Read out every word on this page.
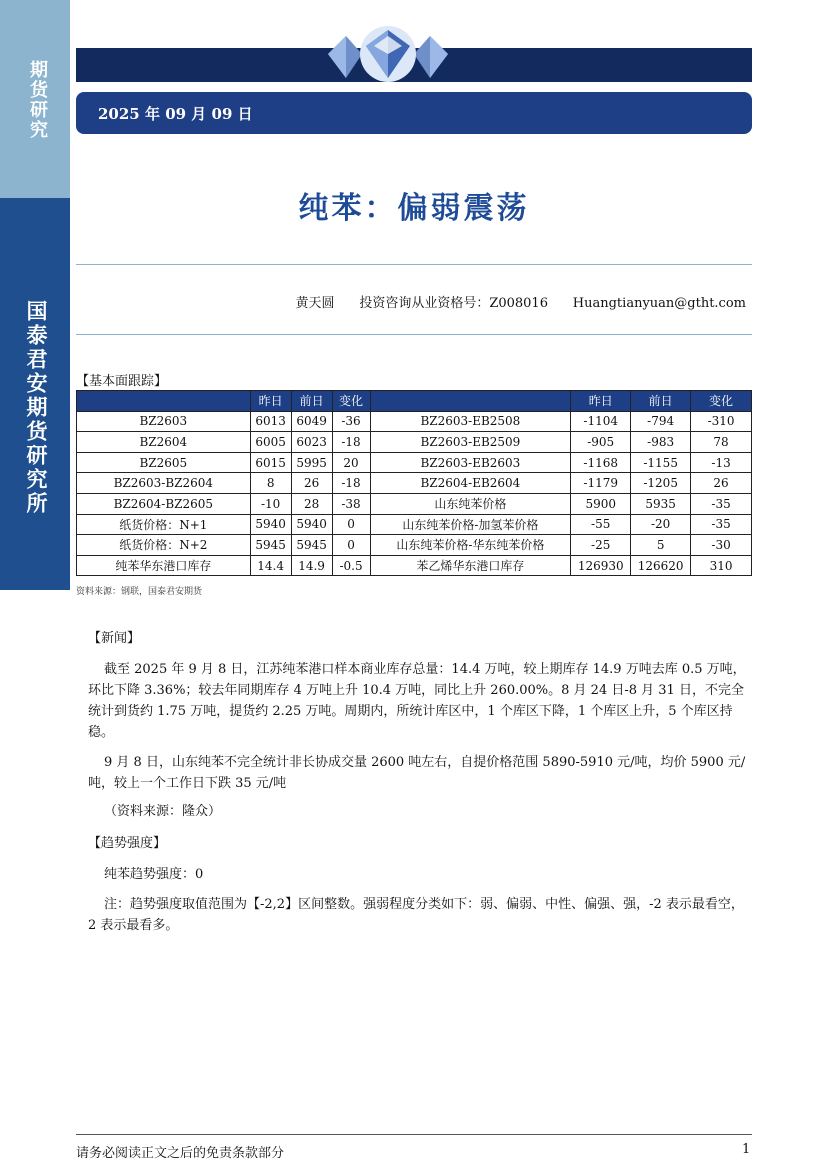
期货研究
国泰君安期货研究所
2025 年 09 月 09 日
纯苯：偏弱震荡
黄天圆 投资咨询从业资格号：Z008016 Huangtianyuan@gtht.com
【基本面跟踪】
	昨日	前日	变化		昨日	前日	变化
BZ2603	6013	6049	-36	BZ2603-EB2508	-1104	-794	-310
BZ2604	6005	6023	-18	BZ2603-EB2509	-905	-983	78
BZ2605	6015	5995	20	BZ2603-EB2603	-1168	-1155	-13
BZ2603-BZ2604	8	26	-18	BZ2604-EB2604	-1179	-1205	26
BZ2604-BZ2605	-10	28	-38	山东纯苯价格	5900	5935	-35
纸货价格：N+1	5940	5940	0	山东纯苯价格-加氢苯价格	-55	-20	-35
纸货价格：N+2	5945	5945	0	山东纯苯价格-华东纯苯价格	-25	5	-30
纯苯华东港口库存	14.4	14.9	-0.5	苯乙烯华东港口库存	126930	126620	310
资料来源：钢联，国泰君安期货
【新闻】
截至 2025 年 9 月 8 日，江苏纯苯港口样本商业库存总量：14.4 万吨，较上期库存 14.9 万吨去库 0.5 万吨，环比下降 3.36%；较去年同期库存 4 万吨上升 10.4 万吨，同比上升 260.00%。8 月 24 日-8 月 31 日，不完全统计到货约 1.75 万吨，提货约 2.25 万吨。周期内，所统计库区中，1 个库区下降，1 个库区上升，5 个库区持稳。
9 月 8 日，山东纯苯不完全统计非长协成交量 2600 吨左右，自提价格范围 5890-5910 元/吨，均价 5900 元/吨，较上一个工作日下跌 35 元/吨
（资料来源：隆众）
【趋势强度】
纯苯趋势强度：0
注：趋势强度取值范围为【-2,2】区间整数。强弱程度分类如下：弱、偏弱、中性、偏强、强，-2 表示最看空，2 表示最看多。
请务必阅读正文之后的免责条款部分	1
